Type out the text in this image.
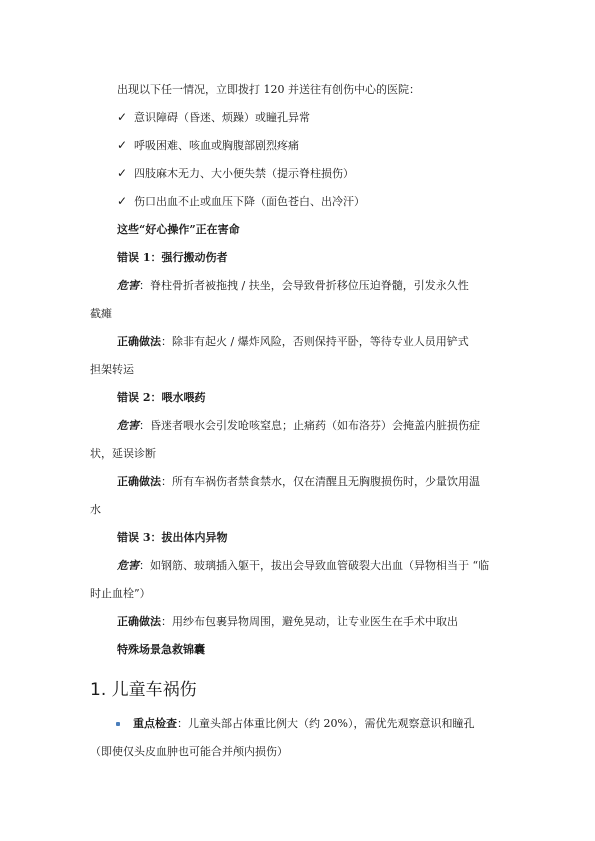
出现以下任一情况，立即拨打 120 并送往有创伤中心的医院：
✓ 意识障碍（昏迷、烦躁）或瞳孔异常
✓ 呼吸困难、咳血或胸腹部剧烈疼痛
✓ 四肢麻木无力、大小便失禁（提示脊柱损伤）
✓ 伤口出血不止或血压下降（面色苍白、出冷汗）
这些“好心操作”正在害命
错误 1：强行搬动伤者
危害：脊柱骨折者被拖拽 / 扶坐，会导致骨折移位压迫脊髓，引发永久性
截瘫
正确做法：除非有起火 / 爆炸风险，否则保持平卧，等待专业人员用铲式
担架转运
错误 2：喂水喂药
危害：昏迷者喂水会引发呛咳窒息；止痛药（如布洛芬）会掩盖内脏损伤症
状，延误诊断
正确做法：所有车祸伤者禁食禁水，仅在清醒且无胸腹损伤时，少量饮用温
水
错误 3：拔出体内异物
危害：如钢筋、玻璃插入躯干，拔出会导致血管破裂大出血（异物相当于 “临
时止血栓”）
正确做法：用纱布包裹异物周围，避免晃动，让专业医生在手术中取出
特殊场景急救锦囊
1. 儿童车祸伤
重点检查：儿童头部占体重比例大（约 20%），需优先观察意识和瞳孔
（即使仅头皮血肿也可能合并颅内损伤）
